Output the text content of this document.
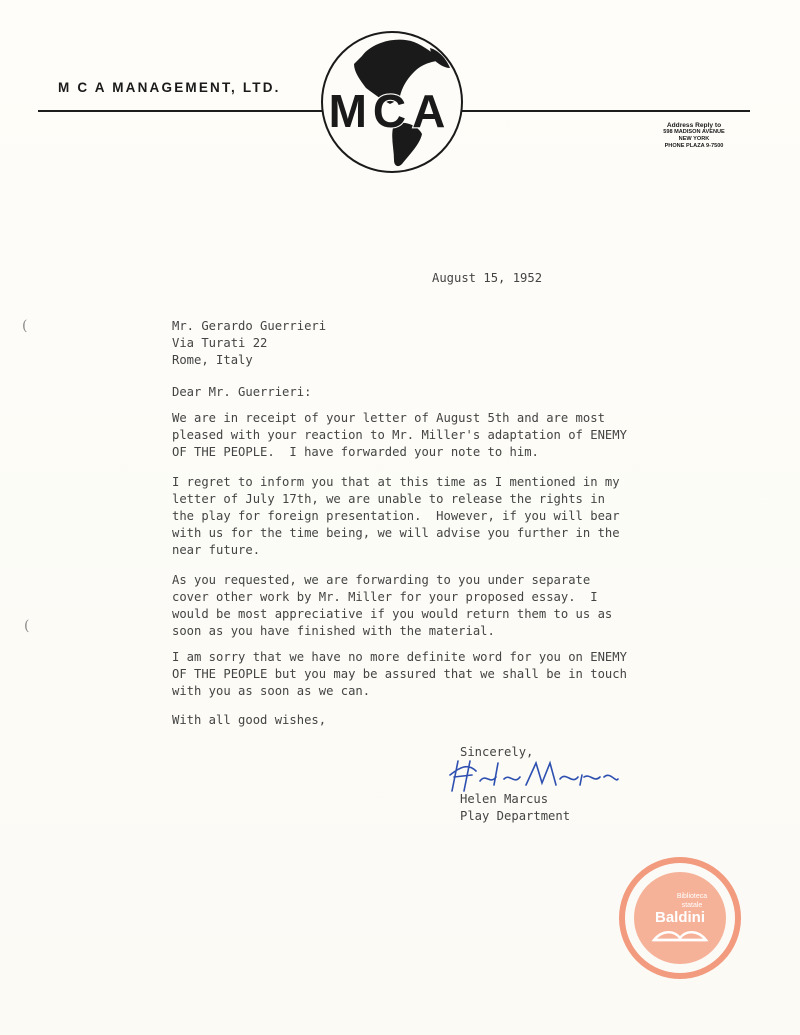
M C A MANAGEMENT, LTD. MCA	Address Reply to
598 MADISON AVENUE
NEW YORK
PHONE PLAZA 9-7500
August 15, 1952
Mr. Gerardo Guerrieri
Via Turati 22
Rome, Italy
Dear Mr. Guerrieri:
We are in receipt of your letter of August 5th and are most
pleased with your reaction to Mr. Miller's adaptation of ENEMY
OF THE PEOPLE.  I have forwarded your note to him.
I regret to inform you that at this time as I mentioned in my
letter of July 17th, we are unable to release the rights in
the play for foreign presentation.  However, if you will bear
with us for the time being, we will advise you further in the
near future.
As you requested, we are forwarding to you under separate
cover other work by Mr. Miller for your proposed essay.  I
would be most appreciative if you would return them to us as
soon as you have finished with the material.
I am sorry that we have no more definite word for you on ENEMY
OF THE PEOPLE but you may be assured that we shall be in touch
with you as soon as we can.
With all good wishes,
Sincerely,
Helen Marcus
Play Department
Biblioteca
statale
Baldini
(
(
